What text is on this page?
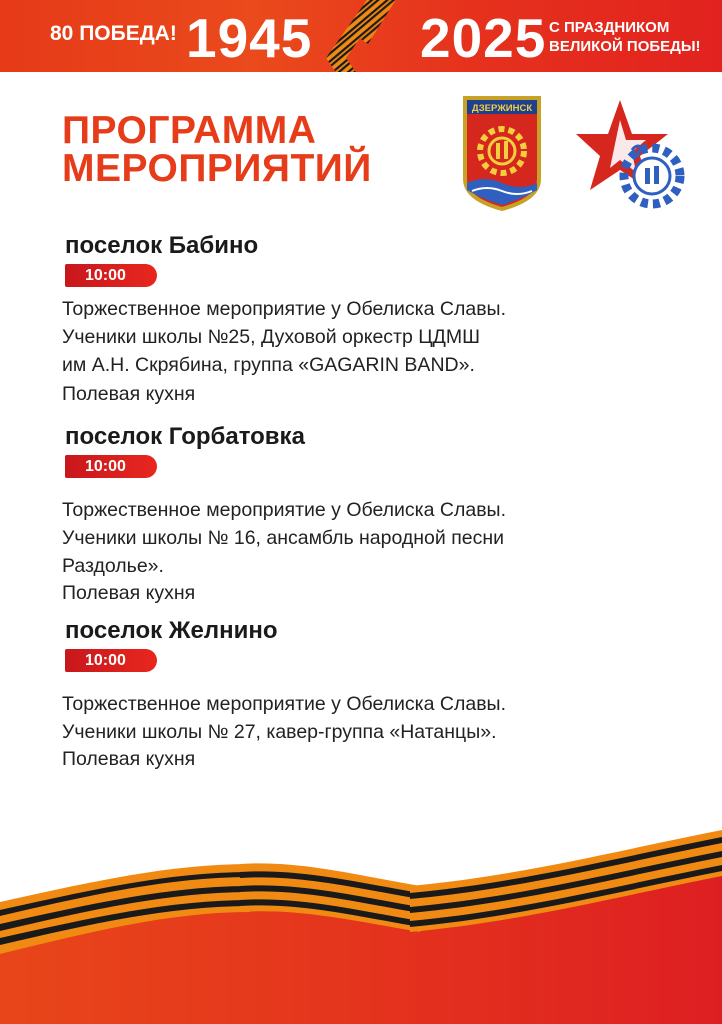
80 ПОБЕДА! 1945 2025 С ПРАЗДНИКОМ
ВЕЛИКОЙ ПОБЕДЫ!
ПРОГРАММА
МЕРОПРИЯТИЙ
ДЗЕРЖИНСК
поселок Бабино
10:00

Торжественное мероприятие у Обелиска Славы.
Ученики школы №25, Духовой оркестр ЦДМШ
им А.Н. Скрябина, группа «GAGARIN BAND».

Полевая кухня

поселок Горбатовка
10:00

Торжественное мероприятие у Обелиска Славы.
Ученики школы № 16, ансамбль народной песни
Раздолье».

Полевая кухня

поселок Желнино
10:00

Торжественное мероприятие у Обелиска Славы.
Ученики школы № 27, кавер-группа «Натанцы».

Полевая кухня
